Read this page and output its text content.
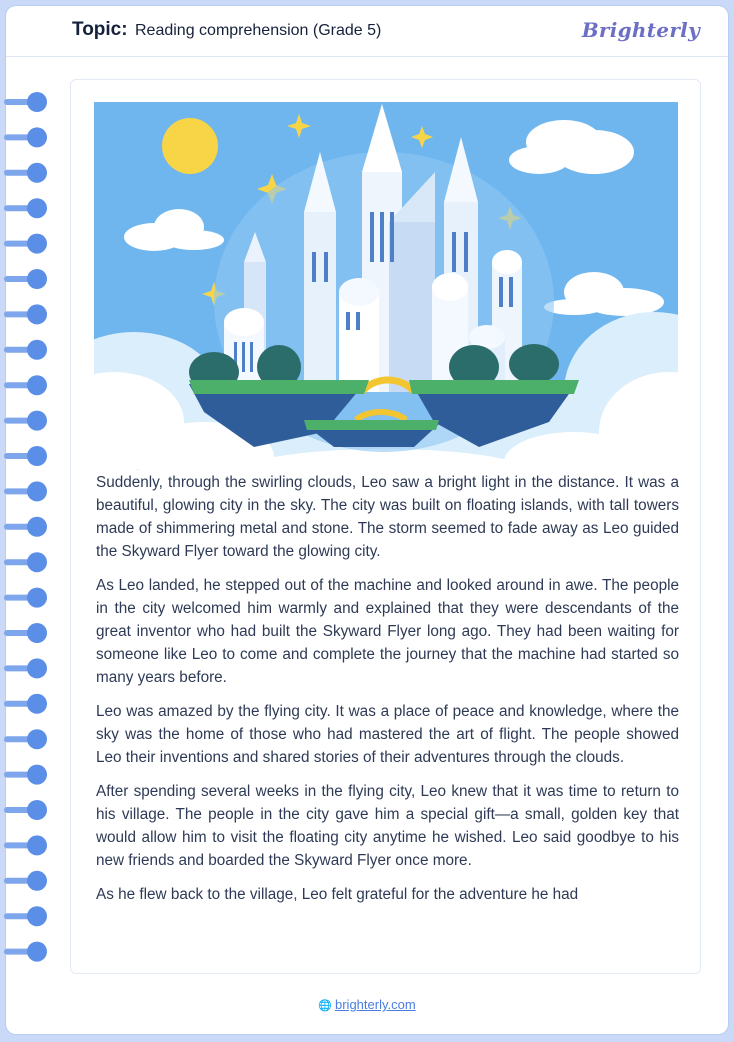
Topic: Reading comprehension (Grade 5)	Brighterly

Suddenly, through the swirling clouds, Leo saw a bright light in the distance. It was a beautiful, glowing city in the sky. The city was built on floating islands, with tall towers made of shimmering metal and stone. The storm seemed to fade away as Leo guided the Skyward Flyer toward the glowing city.

As Leo landed, he stepped out of the machine and looked around in awe. The people in the city welcomed him warmly and explained that they were descendants of the great inventor who had built the Skyward Flyer long ago. They had been waiting for someone like Leo to come and complete the journey that the machine had started so many years before.

Leo was amazed by the flying city. It was a place of peace and knowledge, where the sky was the home of those who had mastered the art of flight. The people showed Leo their inventions and shared stories of their adventures through the clouds.

After spending several weeks in the flying city, Leo knew that it was time to return to his village. The people in the city gave him a special gift—a small, golden key that would allow him to visit the floating city anytime he wished. Leo said goodbye to his new friends and boarded the Skyward Flyer once more.

As he flew back to the village, Leo felt grateful for the adventure he had

🌐 brighterly.com
